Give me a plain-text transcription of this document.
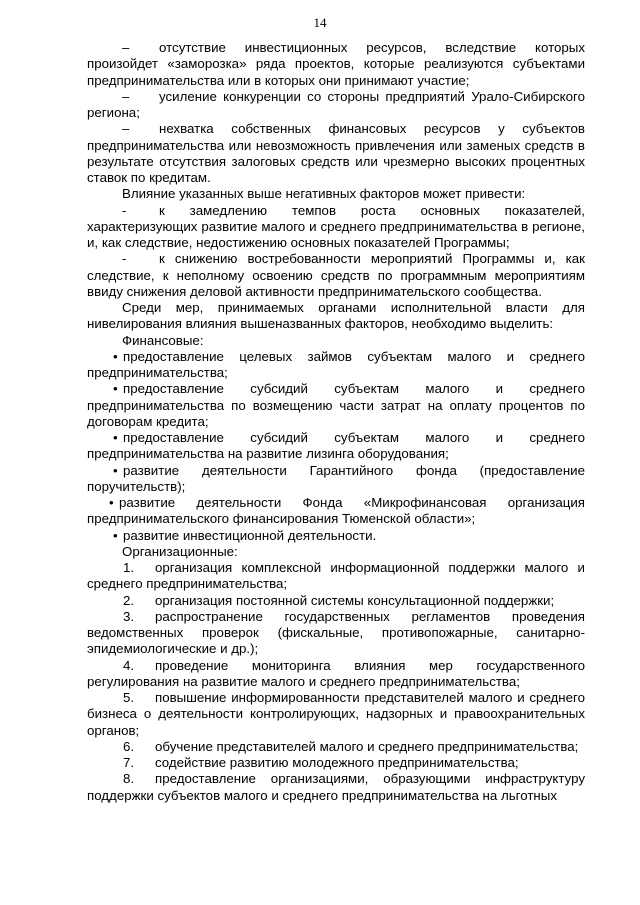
14

– отсутствие инвестиционных ресурсов, вследствие которых произойдет «заморозка» ряда проектов, которые реализуются субъектами предпринимательства или в которых они принимают участие;

– усиление конкуренции со стороны предприятий Урало-Сибирского региона;

– нехватка собственных финансовых ресурсов у субъектов предпринимательства или невозможность привлечения или заменых средств в результате отсутствия залоговых средств или чрезмерно высоких процентных ставок по кредитам.

Влияние указанных выше негативных факторов может привести:

- к замедлению темпов роста основных показателей, характеризующих развитие малого и среднего предпринимательства в регионе, и, как следствие, недостижению основных показателей Программы;

- к снижению востребованности мероприятий Программы и, как следствие, к неполному освоению средств по программным мероприятиям ввиду снижения деловой активности предпринимательского сообщества.

Среди мер, принимаемых органами исполнительной власти для нивелирования влияния вышеназванных факторов, необходимо выделить:

Финансовые:

• предоставление целевых займов субъектам малого и среднего предпринимательства;

• предоставление субсидий субъектам малого и среднего предпринимательства по возмещению части затрат на оплату процентов по договорам кредита;

• предоставление субсидий субъектам малого и среднего предпринимательства на развитие лизинга оборудования;

• развитие деятельности Гарантийного фонда (предоставление поручительств);

• развитие деятельности Фонда «Микрофинансовая организация предпринимательского финансирования Тюменской области»;

• развитие инвестиционной деятельности.

Организационные:

1. организация комплексной информационной поддержки малого и среднего предпринимательства;

2. организация постоянной системы консультационной поддержки;

3. распространение государственных регламентов проведения ведомственных проверок (фискальные, противопожарные, санитарно-эпидемиологические и др.);

4. проведение мониторинга влияния мер государственного регулирования на развитие малого и среднего предпринимательства;

5. повышение информированности представителей малого и среднего бизнеса о деятельности контролирующих, надзорных и правоохранительных органов;

6. обучение представителей малого и среднего предпринимательства;

7. содействие развитию молодежного предпринимательства;

8. предоставление организациями, образующими инфраструктуру поддержки субъектов малого и среднего предпринимательства на льготных
